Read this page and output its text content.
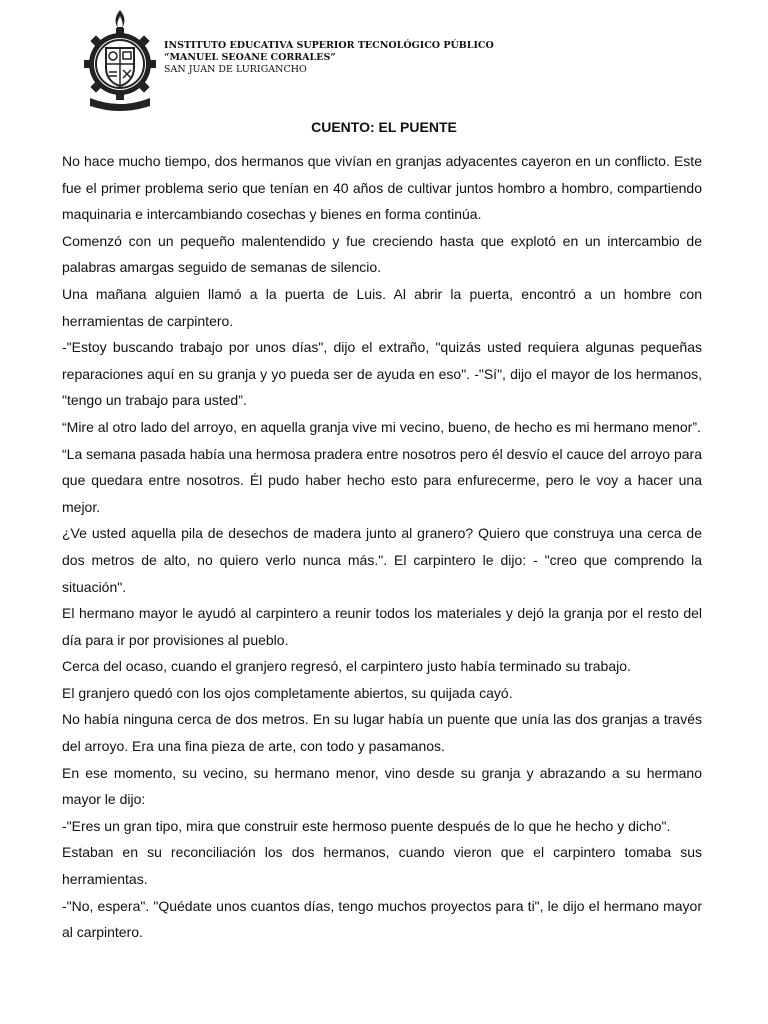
INSTITUTO EDUCATIVA SUPERIOR TECNOLÓGICO PÚBLICO
“MANUEL SEOANE CORRALES”
SAN JUAN DE LURIGANCHO
CUENTO: EL PUENTE

No hace mucho tiempo, dos hermanos que vivían en granjas adyacentes cayeron en un conflicto. Este fue el primer problema serio que tenían en 40 años de cultivar juntos hombro a hombro, compartiendo maquinaria e intercambiando cosechas y bienes en forma continúa.

Comenzó con un pequeño malentendido y fue creciendo hasta que explotó en un intercambio de palabras amargas seguido de semanas de silencio.

Una mañana alguien llamó a la puerta de Luis. Al abrir la puerta, encontró a un hombre con herramientas de carpintero.

-"Estoy buscando trabajo por unos días", dijo el extraño, "quizás usted requiera algunas pequeñas reparaciones aquí en su granja y yo pueda ser de ayuda en eso". -"Sí", dijo el mayor de los hermanos, "tengo un trabajo para usted”.

“Mire al otro lado del arroyo, en aquella granja vive mi vecino, bueno, de hecho es mi hermano menor”.

“La semana pasada había una hermosa pradera entre nosotros pero él desvío el cauce del arroyo para que quedara entre nosotros. Él pudo haber hecho esto para enfurecerme, pero le voy a hacer una mejor.

¿Ve usted aquella pila de desechos de madera junto al granero? Quiero que construya una cerca de dos metros de alto, no quiero verlo nunca más.". El carpintero le dijo: - "creo que comprendo la situación".

El hermano mayor le ayudó al carpintero a reunir todos los materiales y dejó la granja por el resto del día para ir por provisiones al pueblo.

Cerca del ocaso, cuando el granjero regresó, el carpintero justo había terminado su trabajo.

El granjero quedó con los ojos completamente abiertos, su quijada cayó.

No había ninguna cerca de dos metros. En su lugar había un puente que unía las dos granjas a través del arroyo. Era una fina pieza de arte, con todo y pasamanos.

En ese momento, su vecino, su hermano menor, vino desde su granja y abrazando a su hermano mayor le dijo:

-"Eres un gran tipo, mira que construir este hermoso puente después de lo que he hecho y dicho".

Estaban en su reconciliación los dos hermanos, cuando vieron que el carpintero tomaba sus herramientas.

-"No, espera". "Quédate unos cuantos días, tengo muchos proyectos para ti", le dijo el hermano mayor al carpintero.
